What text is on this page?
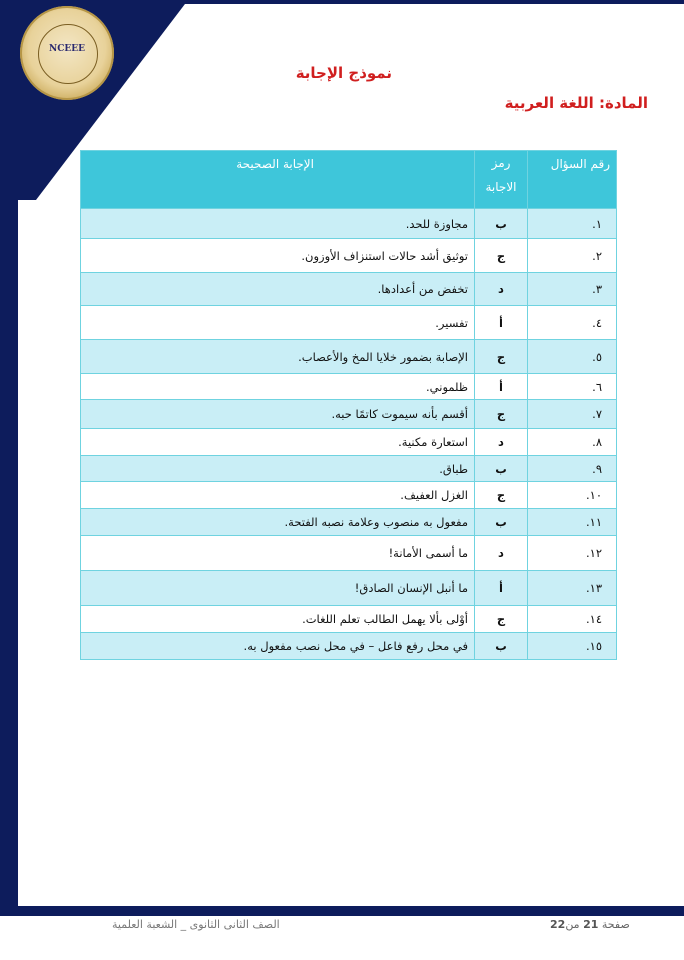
NCEEE
نموذج الإجابة
المادة: اللغة العربية
رقم السؤال	رمز الاجابة	الإجابة الصحيحة
١.	ب	مجاوزة للحد.
٢.	ج	توثيق أشد حالات استنزاف الأوزون.
٣.	د	تخفض من أعدادها.
٤.	أ	تفسير.
٥.	ج	الإصابة بضمور خلايا المخ والأعصاب.
٦.	أ	ظلموني.
٧.	ج	أقسم بأنه سيموت كاتمًا حبه.
٨.	د	استعارة مكنية.
٩.	ب	طباق.
١٠.	ج	الغزل العفيف.
١١.	ب	مفعول به منصوب وعلامة نصبه الفتحة.
١٢.	د	ما أسمى الأمانة!
١٣.	أ	ما أنبل الإنسان الصادق!
١٤.	ج	أوْلى بألا يهمل الطالب تعلم اللغات.
١٥.	ب	في محل رفع فاعل – في محل نصب مفعول به.
صفحة 21 من22
الصف الثانى الثانوى _ الشعبة العلمية
